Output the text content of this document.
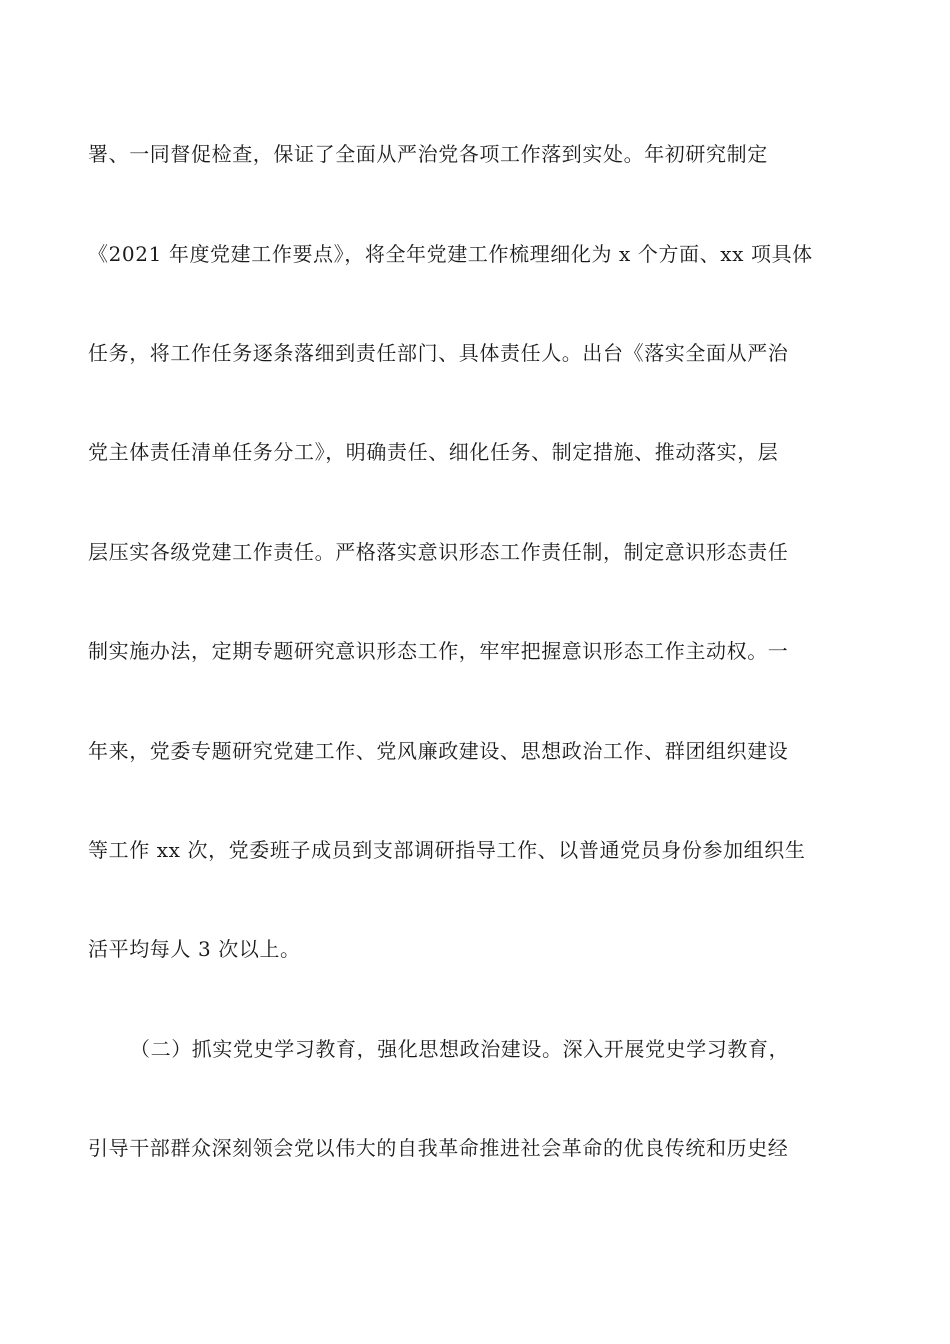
署、一同督促检查，保证了全面从严治党各项工作落到实处。年初研究制定
《2021 年度党建工作要点》，将全年党建工作梳理细化为 x 个方面、xx 项具体
任务，将工作任务逐条落细到责任部门、具体责任人。出台《落实全面从严治
党主体责任清单任务分工》，明确责任、细化任务、制定措施、推动落实，层
层压实各级党建工作责任。严格落实意识形态工作责任制，制定意识形态责任
制实施办法，定期专题研究意识形态工作，牢牢把握意识形态工作主动权。一
年来，党委专题研究党建工作、党风廉政建设、思想政治工作、群团组织建设
等工作 xx 次，党委班子成员到支部调研指导工作、以普通党员身份参加组织生
活平均每人 3 次以上。
（二）抓实党史学习教育，强化思想政治建设。深入开展党史学习教育，
引导干部群众深刻领会党以伟大的自我革命推进社会革命的优良传统和历史经
